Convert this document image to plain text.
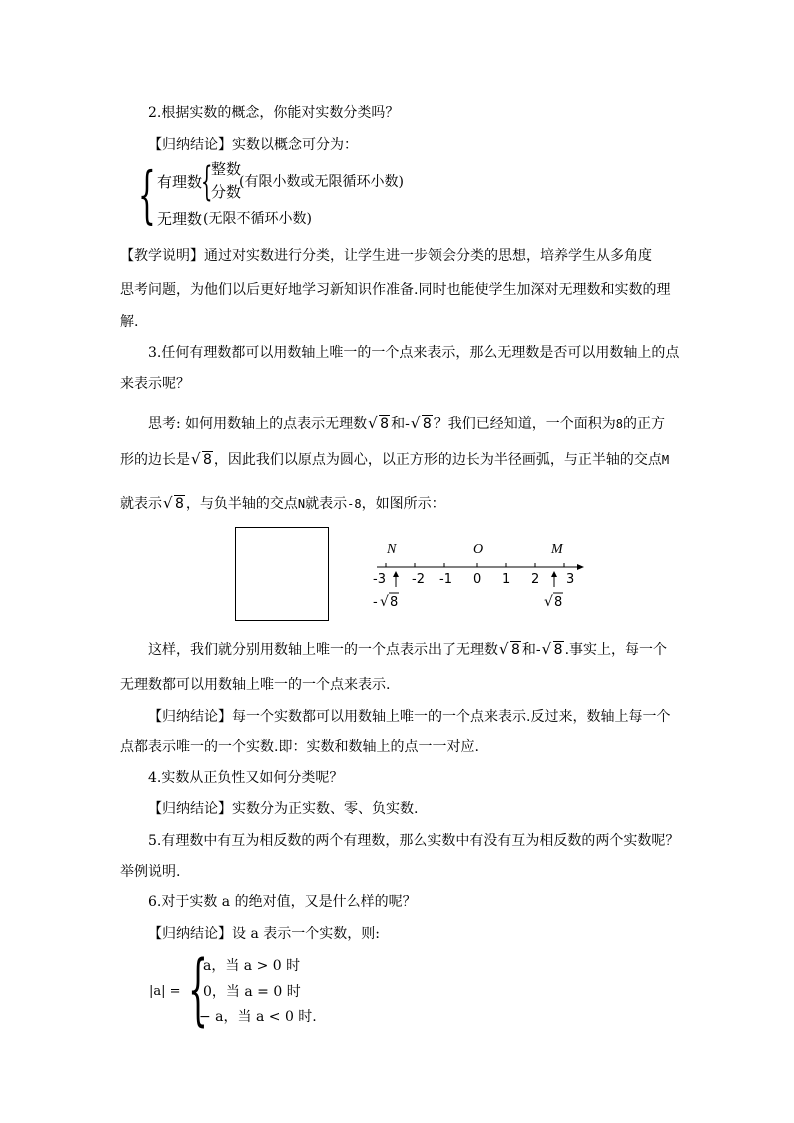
2.根据实数的概念，你能对实数分类吗？
【归纳结论】实数以概念可分为：
{ 有理数
{
整数
分数
(有限小数或无限循环小数)
无理数 (无限不循环小数)
【教学说明】通过对实数进行分类，让学生进一步领会分类的思想，培养学生从多角度
思考问题，为他们以后更好地学习新知识作准备.同时也能使学生加深对无理数和实数的理
解.
3.任何有理数都可以用数轴上唯一的一个点来表示，那么无理数是否可以用数轴上的点
来表示呢？
思考: 如何用数轴上的点表示无理数 √ 8 和- √ 8 ？我们已经知道，一个面积为8的正方
形的边长是 √ 8 ，因此我们以原点为圆心，以正方形的边长为半径画弧，与正半轴的交点M
就表示 √ 8 ，与负半轴的交点N就表示-8，如图所示：
N	O	M
-3 -2 -1 0 1 2 3
- √ 8	√ 8
这样，我们就分别用数轴上唯一的一个点表示出了无理数 √ 8 和- √ 8 .事实上，每一个
无理数都可以用数轴上唯一的一个点来表示.
【归纳结论】每一个实数都可以用数轴上唯一的一个点来表示.反过来，数轴上每一个
点都表示唯一的一个实数.即：实数和数轴上的点一一对应.
4.实数从正负性又如何分类呢？
【归纳结论】实数分为正实数、零、负实数.
5.有理数中有互为相反数的两个有理数，那么实数中有没有互为相反数的两个实数呢？
举例说明.
6.对于实数 a 的绝对值，又是什么样的呢？
【归纳结论】设 a 表示一个实数，则:
|a| = {
a，当 a > 0 时
0，当 a = 0 时
− a，当 a < 0 时.
